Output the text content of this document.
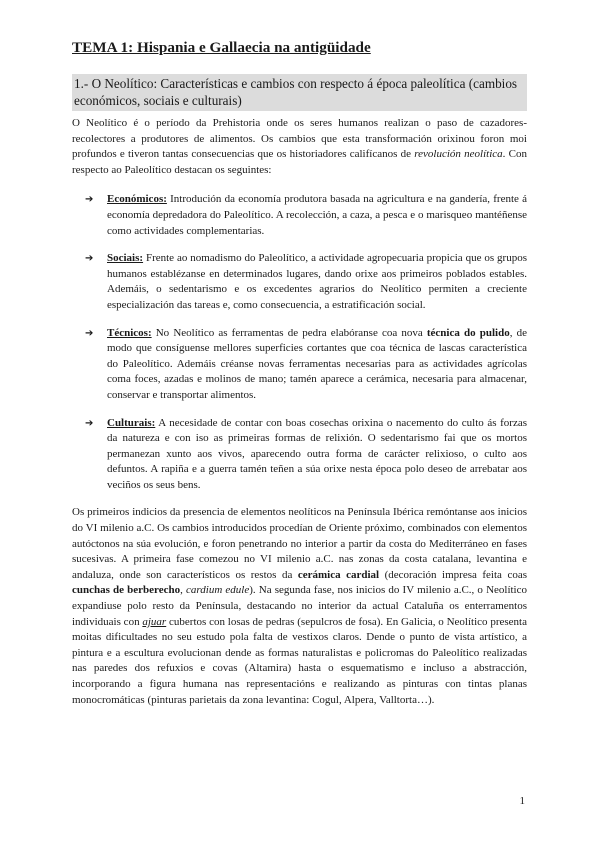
TEMA 1: Hispania e Gallaecia na antigüidade
1.- O Neolítico: Características e cambios con respecto á época paleolítica (cambios económicos, sociais e culturais)

O Neolítico é o período da Prehistoria onde os seres humanos realizan o paso de cazadores-recolectores a produtores de alimentos. Os cambios que esta transformación orixinou foron moi profundos e tiveron tantas consecuencias que os historiadores califícanos de revolución neolítica. Con respecto ao Paleolítico destacan os seguintes:

➔ Económicos: Introdución da economía produtora basada na agricultura e na gandería, frente á economía depredadora do Paleolítico. A recolección, a caza, a pesca e o marisqueo mantéñense como actividades complementarias.
➔ Sociais: Frente ao nomadismo do Paleolítico, a actividade agropecuaria propicia que os grupos humanos establézanse en determinados lugares, dando orixe aos primeiros poblados estables. Ademáis, o sedentarismo e os excedentes agrarios do Neolítico permiten a creciente especialización das tareas e, como consecuencia, a estratificación social.
➔ Técnicos: No Neolítico as ferramentas de pedra elabóranse coa nova técnica do pulido, de modo que consíguense mellores superficies cortantes que coa técnica de lascas característica do Paleolítico. Ademáis créanse novas ferramentas necesarias para as actividades agrícolas coma foces, azadas e molinos de mano; tamén aparece a cerámica, necesaria para almacenar, conservar e transportar alimentos.
➔ Culturais: A necesidade de contar con boas cosechas orixina o nacemento do culto ás forzas da natureza e con iso as primeiras formas de relixión. O sedentarismo fai que os mortos permanezan xunto aos vivos, aparecendo outra forma de carácter relixioso, o culto aos defuntos. A rapiña e a guerra tamén teñen a súa orixe nesta época polo deseo de arrebatar aos veciños os seus bens.

Os primeiros indicios da presencia de elementos neolíticos na Península Ibérica remóntanse aos inicios do VI milenio a.C. Os cambios introducidos procedían de Oriente próximo, combinados con elementos autóctonos na súa evolución, e foron penetrando no interior a partir da costa do Mediterráneo en fases sucesivas. A primeira fase comezou no VI milenio a.C. nas zonas da costa catalana, levantina e andaluza, onde son característicos os restos da cerámica cardial (decoración impresa feita coas cunchas de berberecho, cardium edule). Na segunda fase, nos inicios do IV milenio a.C., o Neolítico expandiuse polo resto da Península, destacando no interior da actual Cataluña os enterramentos individuais con ajuar cubertos con losas de pedras (sepulcros de fosa). En Galicia, o Neolítico presenta moitas dificultades no seu estudo pola falta de vestixos claros. Dende o punto de vista artístico, a pintura e a escultura evolucionan dende as formas naturalistas e policromas do Paleolítico realizadas nas paredes dos refuxios e covas (Altamira) hasta o esquematismo e incluso a abstracción, incorporando a figura humana nas representacións e realizando as pinturas con tintas planas monocromáticas (pinturas parietais da zona levantina: Cogul, Alpera, Valltorta…).

1
